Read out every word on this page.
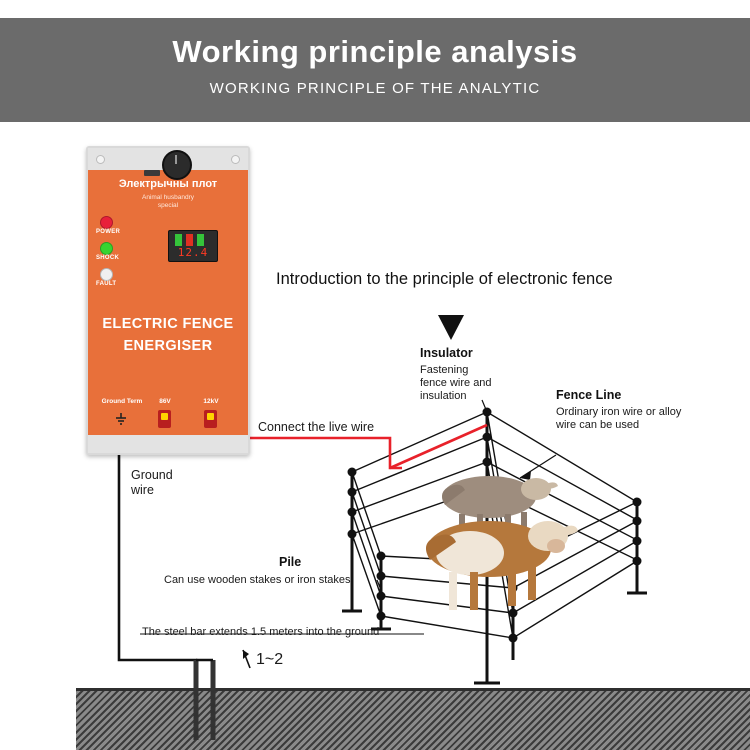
Working principle analysis
WORKING PRINCIPLE OF THE ANALYTIC
Электрычны плот
Animal husbandry
special
POWER
SHOCK
FAULT
12.4
ELECTRIC FENCE
ENERGISER
Ground Term	86V	12kV
Introduction to the principle of electronic fence
Insulator
Fastening fence wire and insulation	Fence Line
Ordinary iron wire or alloy wire can be used
Pile
Can use wooden stakes or iron stakes
Connect the live wire
Ground wire
The steel bar extends 1.5 meters into the ground
1~2
